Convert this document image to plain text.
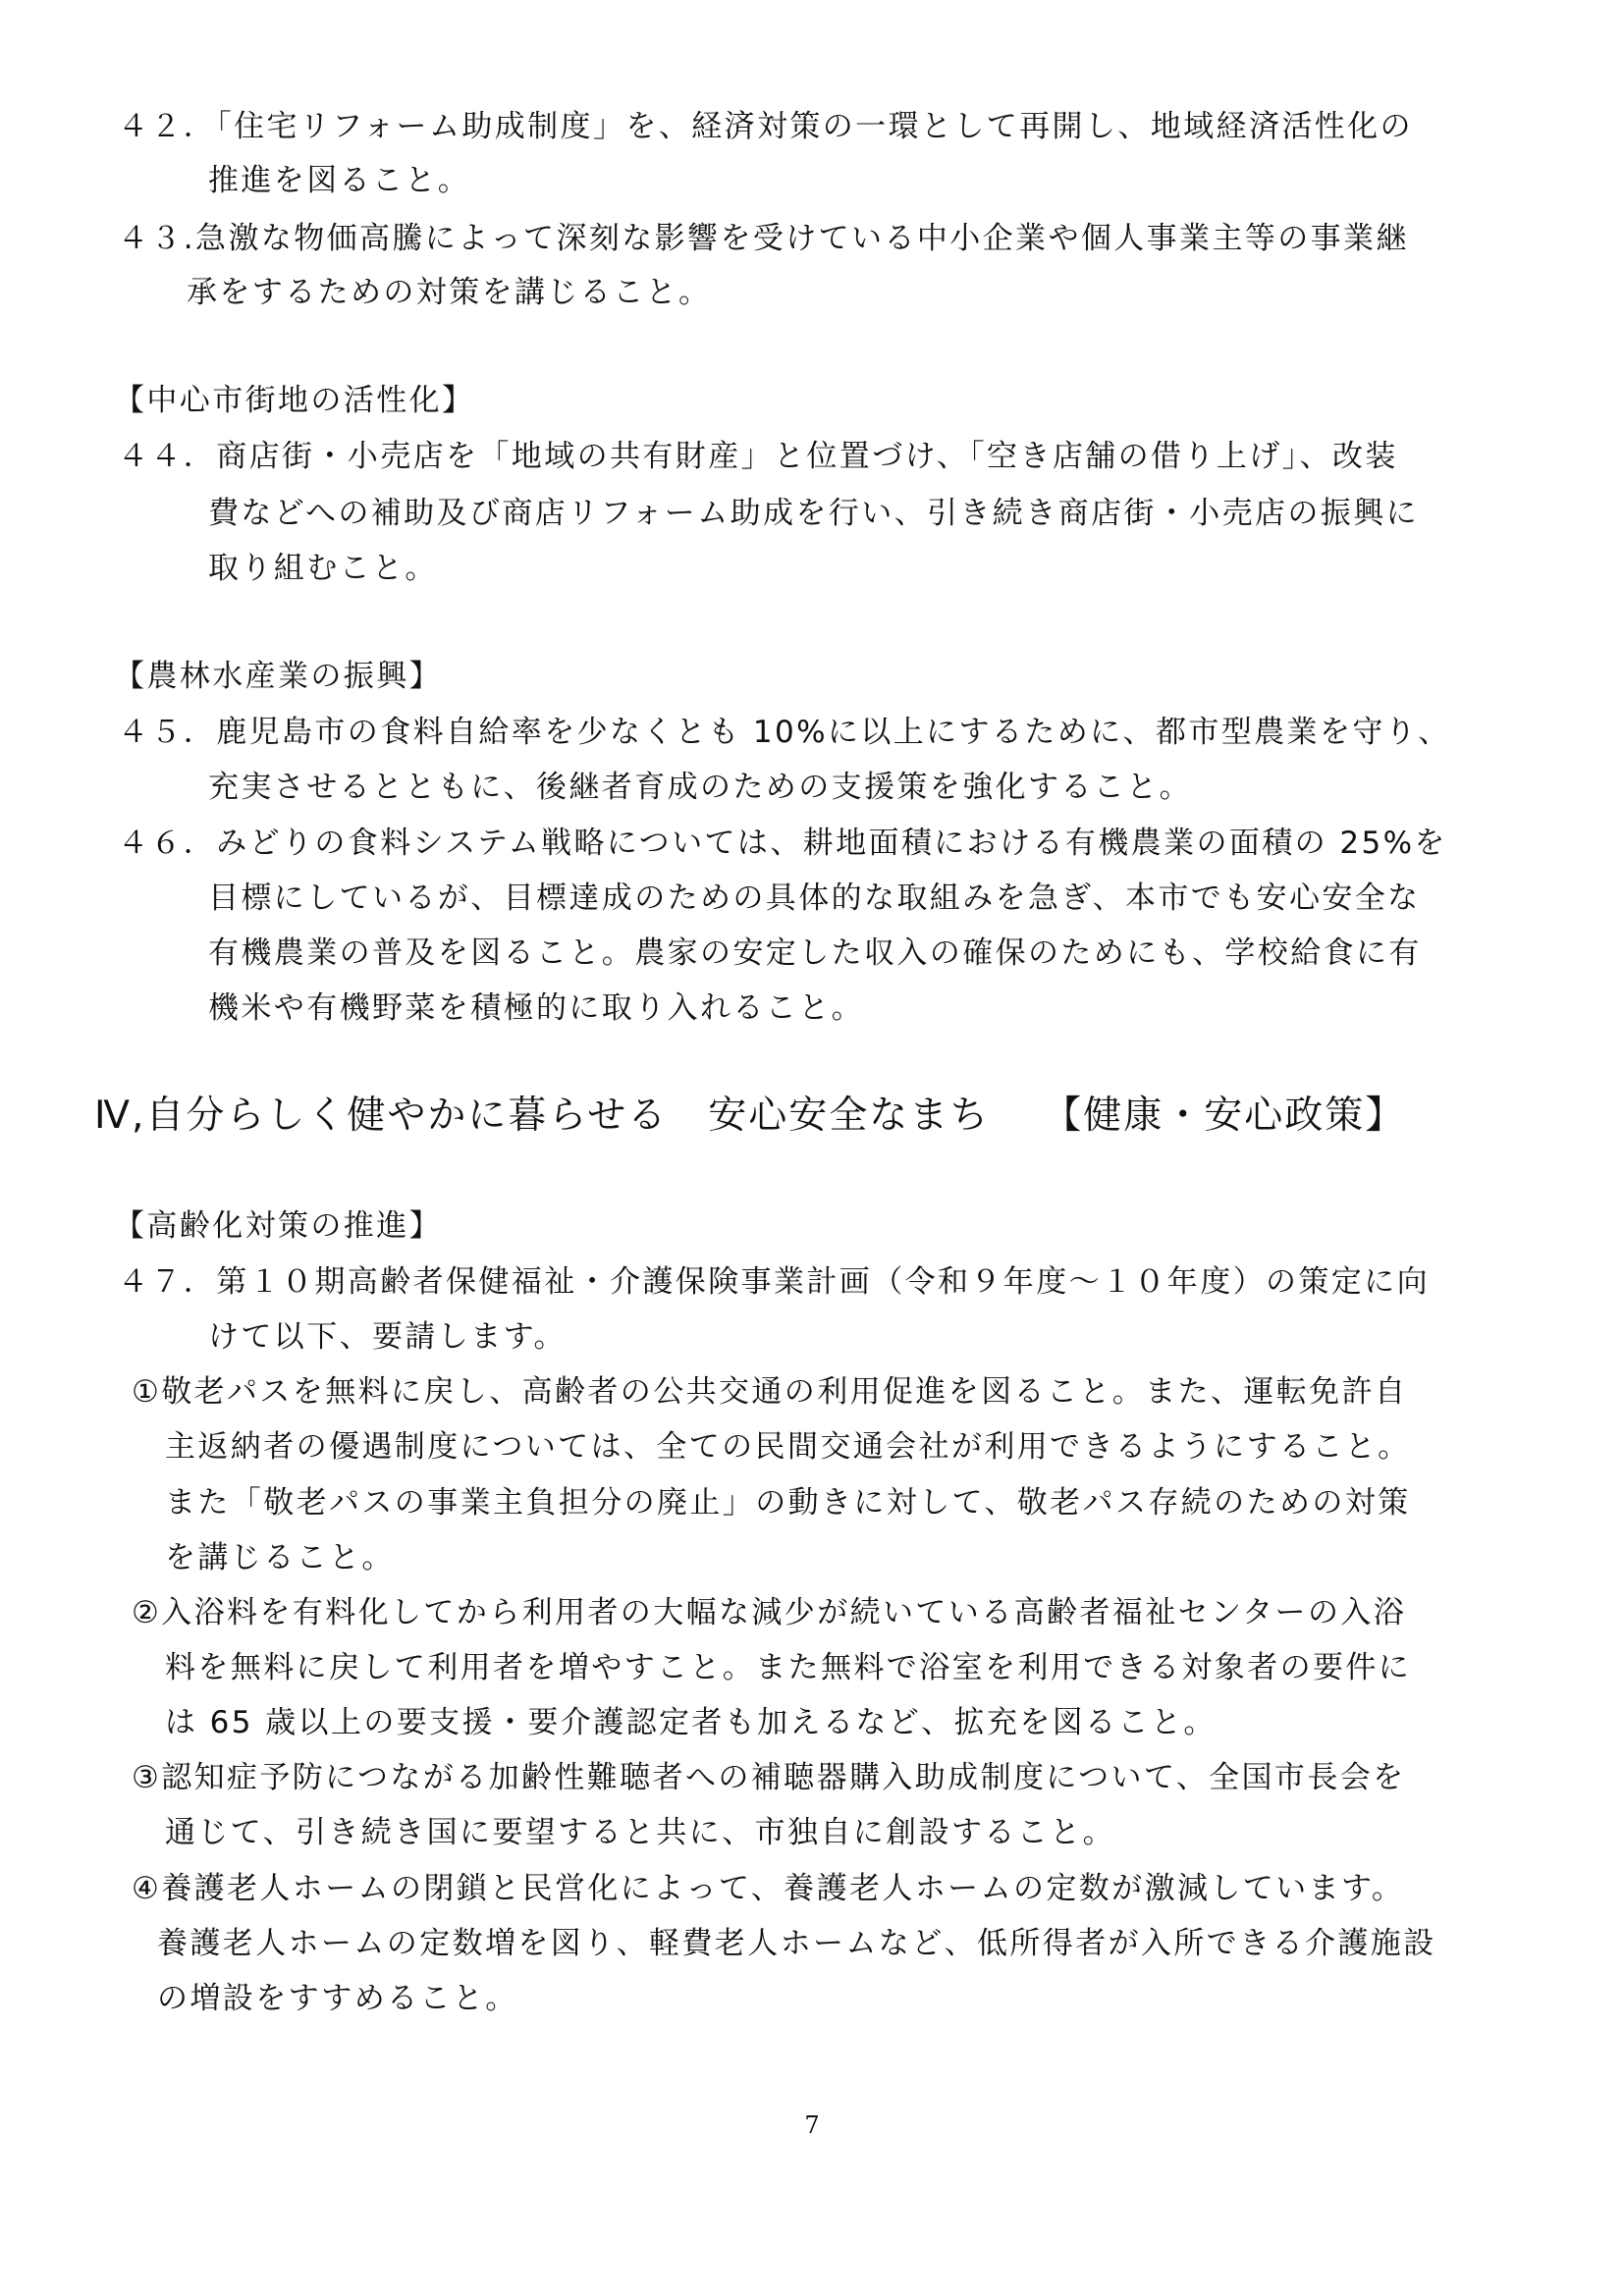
４２．「住宅リフォーム助成制度」を、経済対策の一環として再開し、地域経済活性化の
推進を図ること。
４３.急激な物価高騰によって深刻な影響を受けている中小企業や個人事業主等の事業継
承をするための対策を講じること。
【中心市街地の活性化】
４４．商店街・小売店を「地域の共有財産」と位置づけ、「空き店舗の借り上げ」、改装
費などへの補助及び商店リフォーム助成を行い、引き続き商店街・小売店の振興に
取り組むこと。
【農林水産業の振興】
４５．鹿児島市の食料自給率を少なくとも 10%に以上にするために、都市型農業を守り、
充実させるとともに、後継者育成のための支援策を強化すること。
４６．みどりの食料システム戦略については、耕地面積における有機農業の面積の 25%を
目標にしているが、目標達成のための具体的な取組みを急ぎ、本市でも安心安全な
有機農業の普及を図ること。農家の安定した収入の確保のためにも、学校給食に有
機米や有機野菜を積極的に取り入れること。
Ⅳ,自分らしく健やかに暮らせる　安心安全なまち 【健康・安心政策】
【高齢化対策の推進】
４７．第１０期高齢者保健福祉・介護保険事業計画（令和９年度～１０年度）の策定に向
けて以下、要請します。
①敬老パスを無料に戻し、高齢者の公共交通の利用促進を図ること。また、運転免許自
主返納者の優遇制度については、全ての民間交通会社が利用できるようにすること。
また「敬老パスの事業主負担分の廃止」の動きに対して、敬老パス存続のための対策
を講じること。
②入浴料を有料化してから利用者の大幅な減少が続いている高齢者福祉センターの入浴
料を無料に戻して利用者を増やすこと。また無料で浴室を利用できる対象者の要件に
は 65 歳以上の要支援・要介護認定者も加えるなど、拡充を図ること。
③認知症予防につながる加齢性難聴者への補聴器購入助成制度について、全国市長会を
通じて、引き続き国に要望すると共に、市独自に創設すること。
④養護老人ホームの閉鎖と民営化によって、養護老人ホームの定数が激減しています。
養護老人ホームの定数増を図り、軽費老人ホームなど、低所得者が入所できる介護施設
の増設をすすめること。
7
